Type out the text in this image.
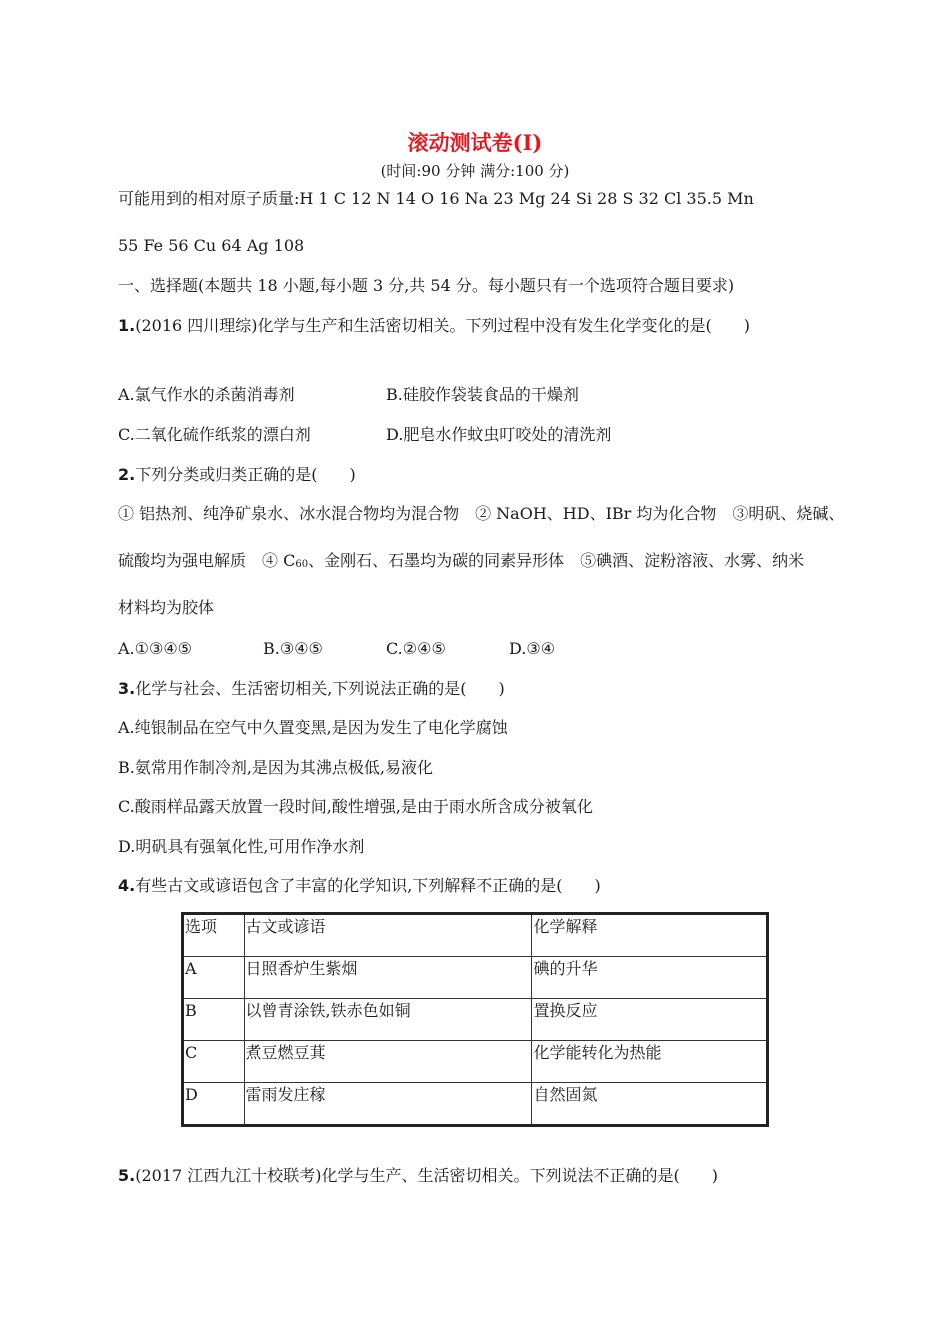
滚动测试卷(Ⅰ)
(时间:90 分钟 满分:100 分)
可能用到的相对原子质量:H 1 C 12 N 14 O 16 Na 23 Mg 24 Si 28 S 32 Cl 35.5 Mn
55 Fe 56 Cu 64 Ag 108
一、选择题(本题共 18 小题,每小题 3 分,共 54 分。每小题只有一个选项符合题目要求)
1.(2016 四川理综)化学与生产和生活密切相关。下列过程中没有发生化学变化的是(　　)
A.氯气作水的杀菌消毒剂	B.硅胶作袋装食品的干燥剂
C.二氧化硫作纸浆的漂白剂	D.肥皂水作蚊虫叮咬处的清洗剂
2.下列分类或归类正确的是(　　)
① 铝热剂、纯净矿泉水、冰水混合物均为混合物　② NaOH、HD、IBr 均为化合物　③明矾、烧碱、
硫酸均为强电解质　④ $C_{60}$、金刚石、石墨均为碳的同素异形体　⑤碘酒、淀粉溶液、水雾、纳米
材料均为胶体
A.①③④⑤	B.③④⑤	C.②④⑤	D.③④
3.化学与社会、生活密切相关,下列说法正确的是(　　)
A.纯银制品在空气中久置变黑,是因为发生了电化学腐蚀
B.氨常用作制冷剂,是因为其沸点极低,易液化
C.酸雨样品露天放置一段时间,酸性增强,是由于雨水所含成分被氧化
D.明矾具有强氧化性,可用作净水剂
4.有些古文或谚语包含了丰富的化学知识,下列解释不正确的是(　　)
选项	古文或谚语	化学解释
A	日照香炉生紫烟	碘的升华
B	以曾青涂铁,铁赤色如铜	置换反应
C	煮豆燃豆萁	化学能转化为热能
D	雷雨发庄稼	自然固氮
5.(2017 江西九江十校联考)化学与生产、生活密切相关。下列说法不正确的是(　　)
